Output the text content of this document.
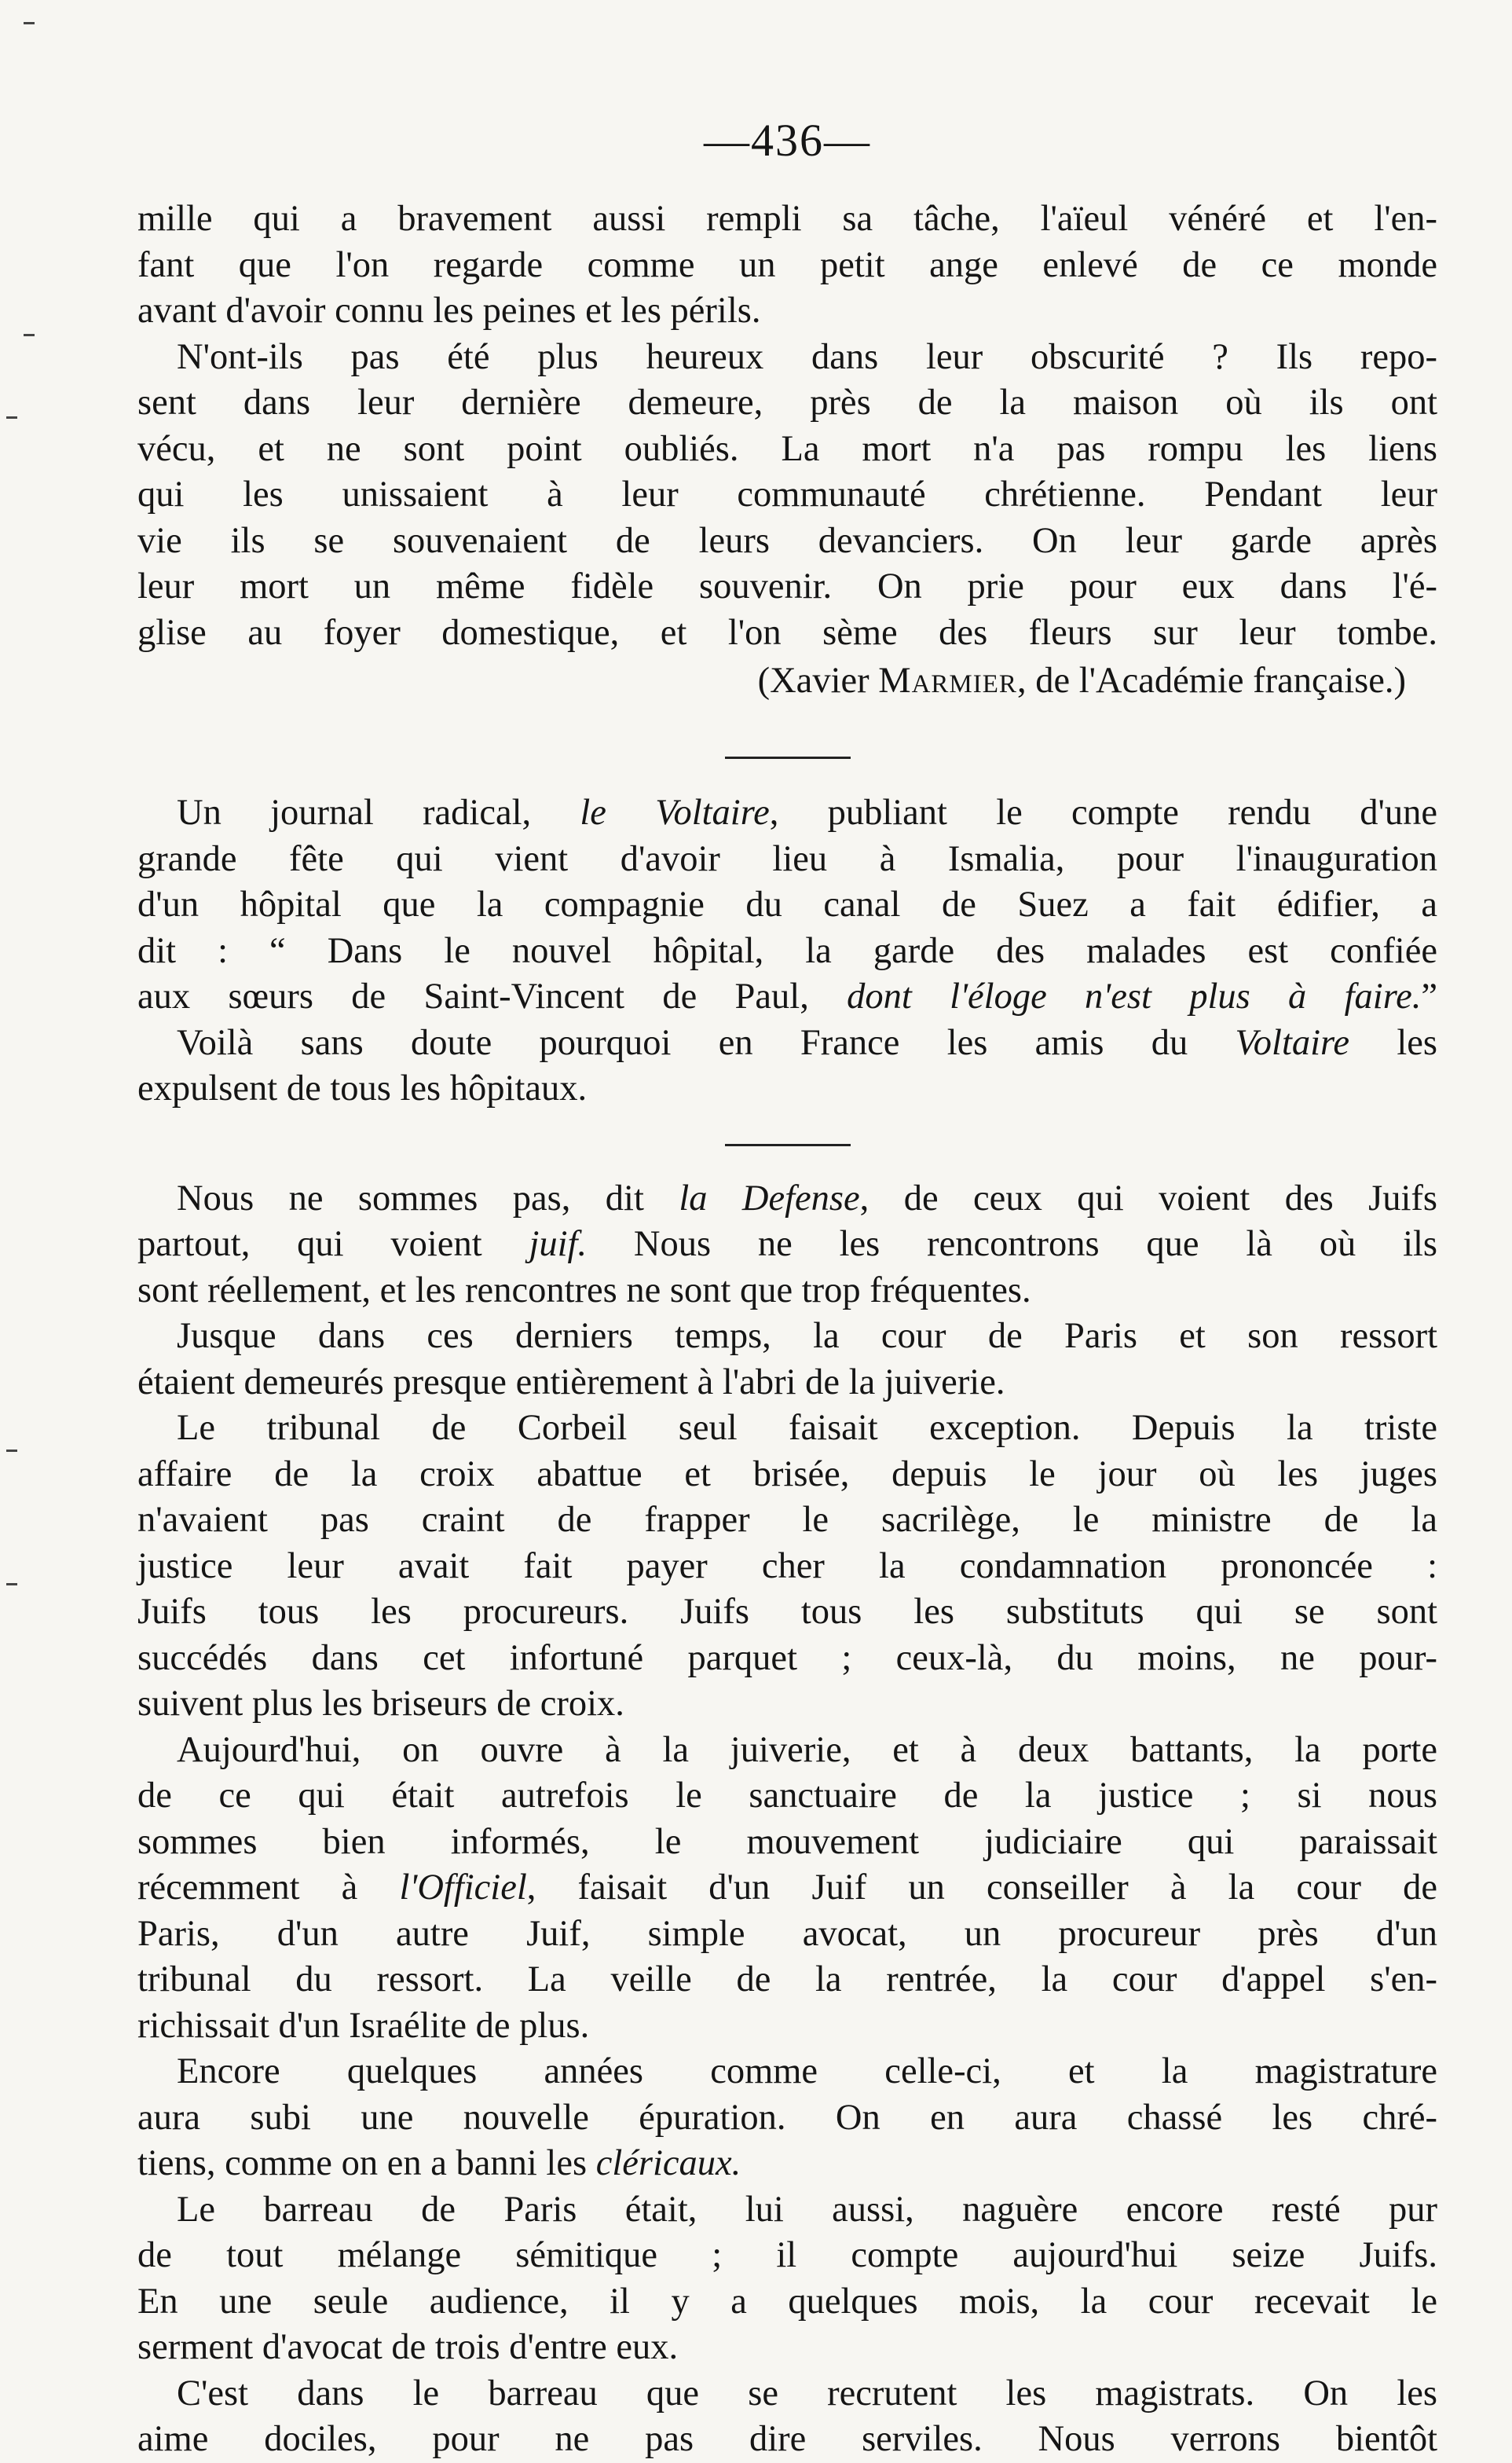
—436—
mille qui a bravement aussi rempli sa tâche, l'aïeul vénéré et l'en-
fant que l'on regarde comme un petit ange enlevé de ce monde
avant d'avoir connu les peines et les périls.
N'ont-ils pas été plus heureux dans leur obscurité ? Ils repo-
sent dans leur dernière demeure, près de la maison où ils ont
vécu, et ne sont point oubliés. La mort n'a pas rompu les liens
qui les unissaient à leur communauté chrétienne. Pendant leur
vie ils se souvenaient de leurs devanciers. On leur garde après
leur mort un même fidèle souvenir. On prie pour eux dans l'é-
glise au foyer domestique, et l'on sème des fleurs sur leur tombe.
(Xavier Marmier, de l'Académie française.)
Un journal radical, le Voltaire, publiant le compte rendu d'une
grande fête qui vient d'avoir lieu à Ismalia, pour l'inauguration
d'un hôpital que la compagnie du canal de Suez a fait édifier, a
dit : “ Dans le nouvel hôpital, la garde des malades est confiée
aux sœurs de Saint-Vincent de Paul, dont l'éloge n'est plus à faire.”
Voilà sans doute pourquoi en France les amis du Voltaire les
expulsent de tous les hôpitaux.
Nous ne sommes pas, dit la Defense, de ceux qui voient des Juifs
partout, qui voient juif. Nous ne les rencontrons que là où ils
sont réellement, et les rencontres ne sont que trop fréquentes.
Jusque dans ces derniers temps, la cour de Paris et son ressort
étaient demeurés presque entièrement à l'abri de la juiverie.
Le tribunal de Corbeil seul faisait exception. Depuis la triste
affaire de la croix abattue et brisée, depuis le jour où les juges
n'avaient pas craint de frapper le sacrilège, le ministre de la
justice leur avait fait payer cher la condamnation prononcée :
Juifs tous les procureurs. Juifs tous les substituts qui se sont
succédés dans cet infortuné parquet ; ceux-là, du moins, ne pour-
suivent plus les briseurs de croix.
Aujourd'hui, on ouvre à la juiverie, et à deux battants, la porte
de ce qui était autrefois le sanctuaire de la justice ; si nous
sommes bien informés, le mouvement judiciaire qui paraissait
récemment à l'Officiel, faisait d'un Juif un conseiller à la cour de
Paris, d'un autre Juif, simple avocat, un procureur près d'un
tribunal du ressort. La veille de la rentrée, la cour d'appel s'en-
richissait d'un Israélite de plus.
Encore quelques années comme celle-ci, et la magistrature
aura subi une nouvelle épuration. On en aura chassé les chré-
tiens, comme on en a banni les cléricaux.
Le barreau de Paris était, lui aussi, naguère encore resté pur
de tout mélange sémitique ; il compte aujourd'hui seize Juifs.
En une seule audience, il y a quelques mois, la cour recevait le
serment d'avocat de trois d'entre eux.
C'est dans le barreau que se recrutent les magistrats. On les
aime dociles, pour ne pas dire serviles. Nous verrons bientôt
